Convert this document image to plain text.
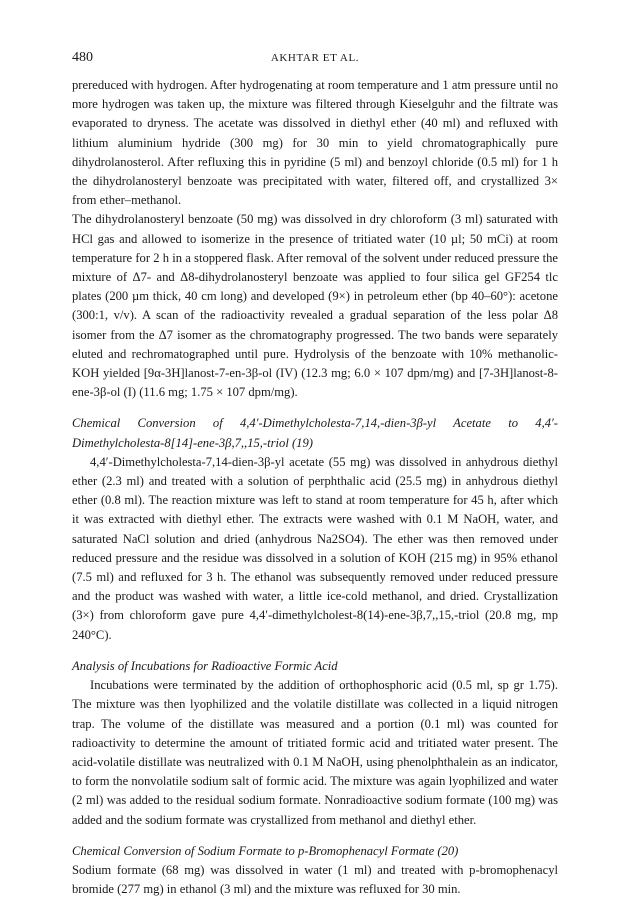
480	AKHTAR ET AL.

prereduced with hydrogen. After hydrogenating at room temperature and 1 atm pressure until no more hydrogen was taken up, the mixture was filtered through Kieselguhr and the filtrate was evaporated to dryness. The acetate was dissolved in diethyl ether (40 ml) and refluxed with lithium aluminium hydride (300 mg) for 30 min to yield chromatographically pure dihydrolanosterol. After refluxing this in pyridine (5 ml) and benzoyl chloride (0.5 ml) for 1 h the dihydrolanosteryl benzoate was precipitated with water, filtered off, and crystallized 3× from ether–methanol.

The dihydrolanosteryl benzoate (50 mg) was dissolved in dry chloroform (3 ml) saturated with HCl gas and allowed to isomerize in the presence of tritiated water (10 µl; 50 mCi) at room temperature for 2 h in a stoppered flask. After removal of the solvent under reduced pressure the mixture of Δ7- and Δ8-dihydrolanosteryl benzoate was applied to four silica gel GF254 tlc plates (200 µm thick, 40 cm long) and developed (9×) in petroleum ether (bp 40–60°): acetone (300:1, v/v). A scan of the radioactivity revealed a gradual separation of the less polar Δ8 isomer from the Δ7 isomer as the chromatography progressed. The two bands were separately eluted and rechromatographed until pure. Hydrolysis of the benzoate with 10% methanolic-KOH yielded [9α-3H]lanost-7-en-3β-ol (IV) (12.3 mg; 6.0 × 107 dpm/mg) and [7-3H]lanost-8-ene-3β-ol (I) (11.6 mg; 1.75 × 107 dpm/mg).

Chemical Conversion of 4,4′-Dimethylcholesta-7,14,-dien-3β-yl Acetate to 4,4′-Dimethylcholesta-8[14]-ene-3β,7,,15,-triol (19)

4,4′-Dimethylcholesta-7,14-dien-3β-yl acetate (55 mg) was dissolved in anhydrous diethyl ether (2.3 ml) and treated with a solution of perphthalic acid (25.5 mg) in anhydrous diethyl ether (0.8 ml). The reaction mixture was left to stand at room temperature for 45 h, after which it was extracted with diethyl ether. The extracts were washed with 0.1 M NaOH, water, and saturated NaCl solution and dried (anhydrous Na2SO4). The ether was then removed under reduced pressure and the residue was dissolved in a solution of KOH (215 mg) in 95% ethanol (7.5 ml) and refluxed for 3 h. The ethanol was subsequently removed under reduced pressure and the product was washed with water, a little ice-cold methanol, and dried. Crystallization (3×) from chloroform gave pure 4,4′-dimethylcholest-8(14)-ene-3β,7,,15,-triol (20.8 mg, mp 240°C).

Analysis of Incubations for Radioactive Formic Acid

Incubations were terminated by the addition of orthophosphoric acid (0.5 ml, sp gr 1.75). The mixture was then lyophilized and the volatile distillate was collected in a liquid nitrogen trap. The volume of the distillate was measured and a portion (0.1 ml) was counted for radioactivity to determine the amount of tritiated formic acid and tritiated water present. The acid-volatile distillate was neutralized with 0.1 M NaOH, using phenolphthalein as an indicator, to form the nonvolatile sodium salt of formic acid. The mixture was again lyophilized and water (2 ml) was added to the residual sodium formate. Nonradioactive sodium formate (100 mg) was added and the sodium formate was crystallized from methanol and diethyl ether.

Chemical Conversion of Sodium Formate to p-Bromophenacyl Formate (20)

Sodium formate (68 mg) was dissolved in water (1 ml) and treated with p-bromophenacyl bromide (277 mg) in ethanol (3 ml) and the mixture was refluxed for 30 min.
